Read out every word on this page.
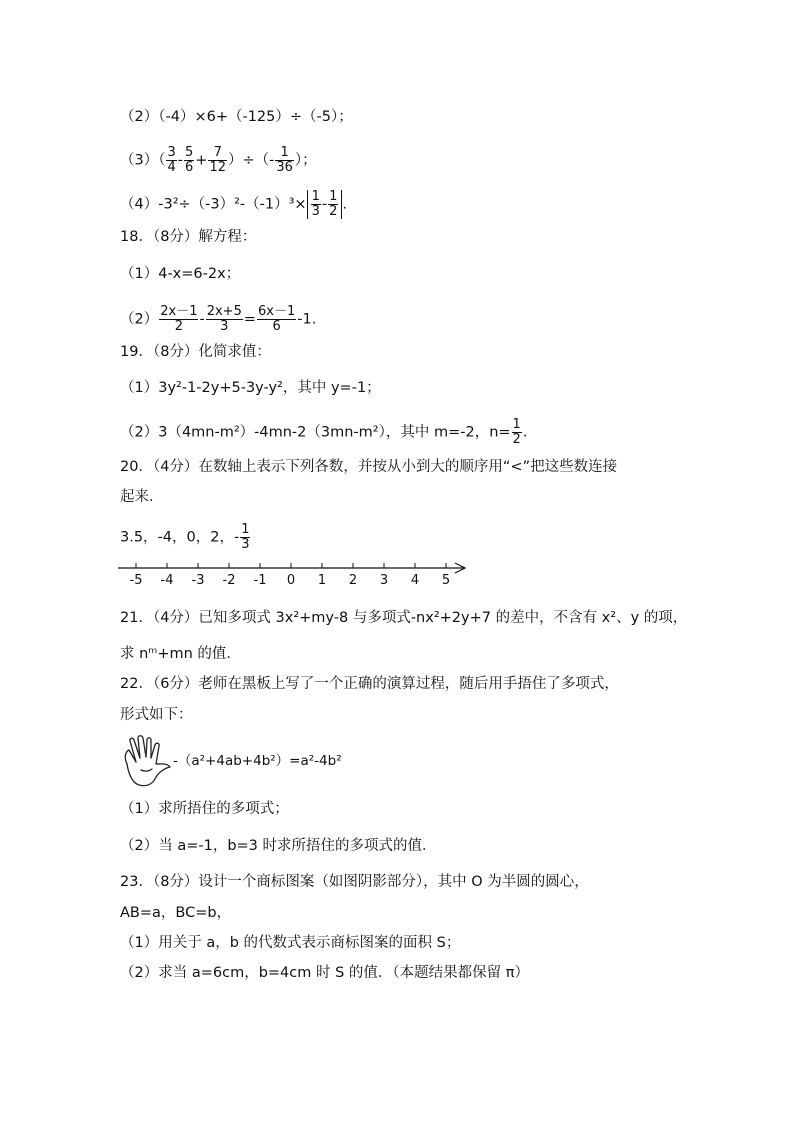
（2）（-4）×6+（-125）÷（-5）；
$(3)( \frac{3}{4} - \frac{5}{6} + \frac{7}{12}$ ）÷（- $\frac{1}{36}$ ）；
$(4)-3^2\div(-3)^2-(-1)^3\times \frac{1}{3} - \frac{1}{2}$ .
18．（8分）解方程：
（1）4-x=6-2x；
$(2) \frac{2x-1}{2} - \frac{2x+5}{3} = \frac{6x-1}{6} -1$.
19．（8分）化简求值：
（1）3y²-1-2y+5-3y-y²，其中 y=-1；
（2）3（4mn-m²）-4mn-2（3mn-m²），其中 m=-2，$n= \frac{1}{2}$ .
20．（4分）在数轴上表示下列各数，并按从小到大的顺序用“<”把这些数连接
起来．
3.5，-4，0，2，- $\frac{1}{3}$
-5 -4 -3 -2 -1 0 1 2 3 4 5
21．（4分）已知多项式 3x²+my-8 与多项式-nx²+2y+7 的差中，不含有 x²、y 的项，
求 nᵐ+mn 的值．
22．（6分）老师在黑板上写了一个正确的演算过程，随后用手捂住了多项式，
形式如下：
-（a²+4ab+4b²）=a²-4b²
（1）求所捂住的多项式；
（2）当 a=-1，b=3 时求所捂住的多项式的值．
23．（8分）设计一个商标图案（如图阴影部分），其中 O 为半圆的圆心，
AB=a，BC=b，
（1）用关于 a，b 的代数式表示商标图案的面积 S；
（2）求当 a=6cm，b=4cm 时 S 的值．（本题结果都保留 π）
